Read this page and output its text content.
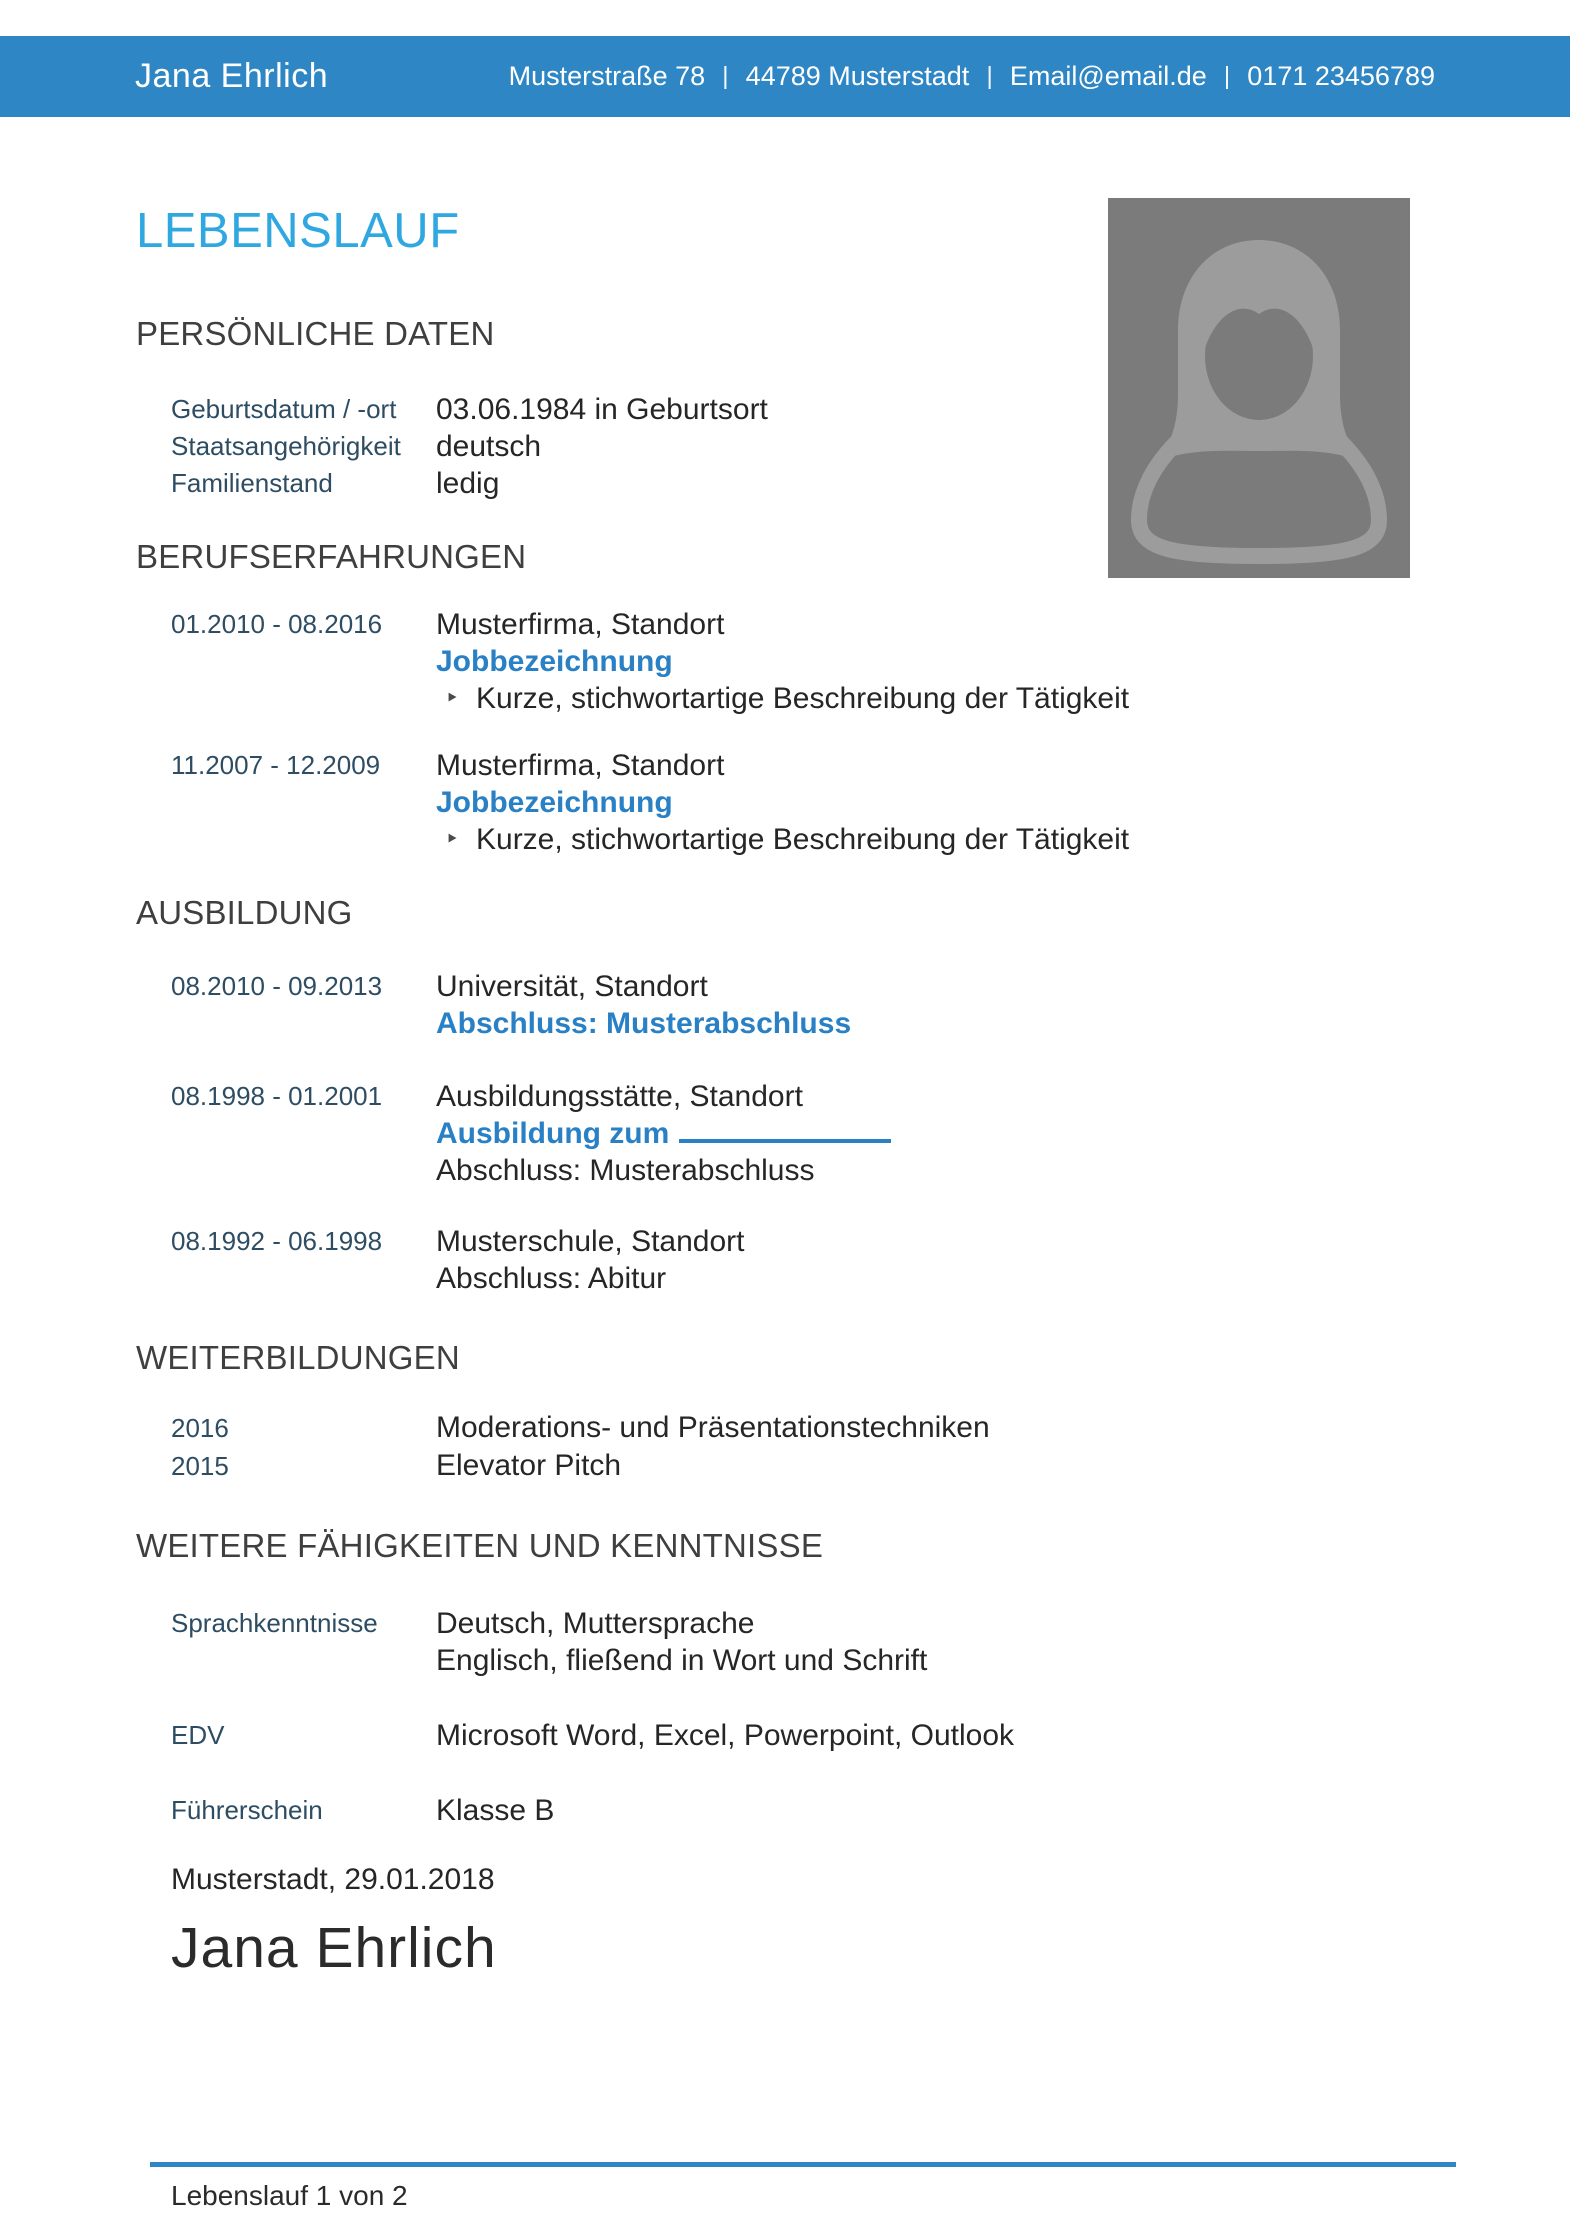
Jana Ehrlich	Musterstraße 78 | 44789 Musterstadt | Email@email.de | 0171 23456789
LEBENSLAUF
PERSÖNLICHE DATEN
Geburtsdatum / -ort	03.06.1984 in Geburtsort
Staatsangehörigkeit	deutsch
Familienstand	ledig
BERUFSERFAHRUNGEN
01.2010 - 08.2016	Musterfirma, Standort
Jobbezeichnung
‣ Kurze, stichwortartige Beschreibung der Tätigkeit
11.2007 - 12.2009	Musterfirma, Standort
Jobbezeichnung
‣ Kurze, stichwortartige Beschreibung der Tätigkeit
AUSBILDUNG
08.2010 - 09.2013	Universität, Standort
Abschluss: Musterabschluss
08.1998 - 01.2001	Ausbildungsstätte, Standort
Ausbildung zum
Abschluss: Musterabschluss
08.1992 - 06.1998	Musterschule, Standort
Abschluss: Abitur
WEITERBILDUNGEN
2016	Moderations- und Präsentationstechniken
2015	Elevator Pitch
WEITERE FÄHIGKEITEN UND KENNTNISSE
Sprachkenntnisse	Deutsch, Muttersprache
Englisch, fließend in Wort und Schrift
EDV	Microsoft Word, Excel, Powerpoint, Outlook
Führerschein	Klasse B
Musterstadt, 29.01.2018
Jana Ehrlich
Lebenslauf 1 von 2
